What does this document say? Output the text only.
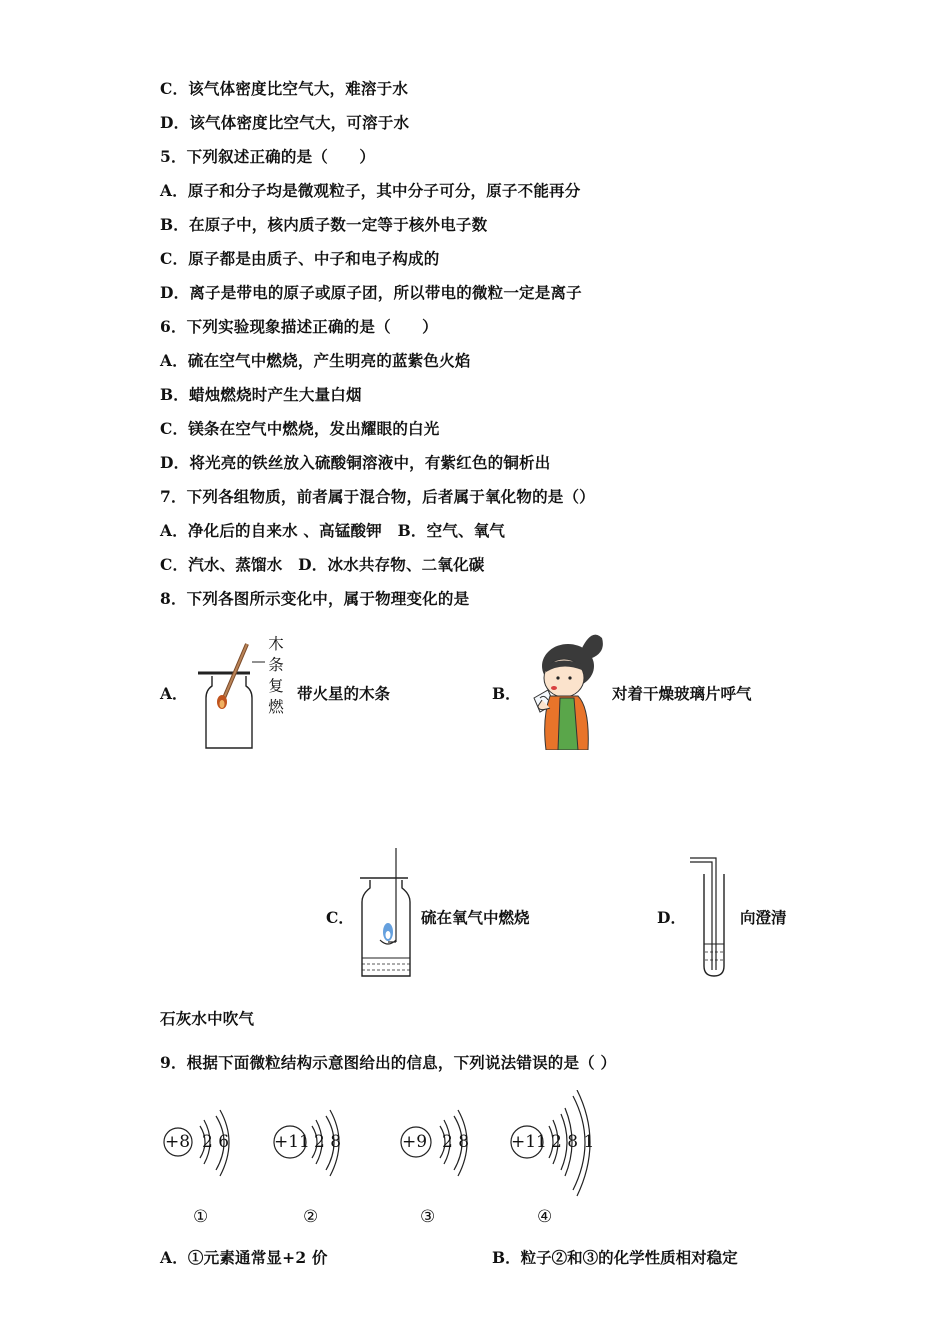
C．该气体密度比空气大，难溶于水
D．该气体密度比空气大，可溶于水
5．下列叙述正确的是（　　）
A．原子和分子均是微观粒子，其中分子可分，原子不能再分
B．在原子中，核内质子数一定等于核外电子数
C．原子都是由质子、中子和电子构成的
D．离子是带电的原子或原子团，所以带电的微粒一定是离子
6．下列实验现象描述正确的是（　　）
A．硫在空气中燃烧，产生明亮的蓝紫色火焰
B．蜡烛燃烧时产生大量白烟
C．镁条在空气中燃烧，发出耀眼的白光
D．将光亮的铁丝放入硫酸铜溶液中，有紫红色的铜析出
7．下列各组物质，前者属于混合物，后者属于氧化物的是（）
A．净化后的自来水 、高锰酸钾　B．空气、氧气
C．汽水、蒸馏水　D．冰水共存物、二氧化碳
8．下列各图所示变化中，属于物理变化的是
A．
木
条
复
燃
带火星的木条	B．	对着干燥玻璃片呼气
C．	硫在氧气中燃烧	D．	向澄清
石灰水中吹气
9．根据下面微粒结构示意图给出的信息，下列说法错误的是（ ）
+8 2 6
①
+11 2 8
②
+9 2 8
③
+11 2 8 1
④
A．①元素通常显+2 价	B．粒子②和③的化学性质相对稳定
